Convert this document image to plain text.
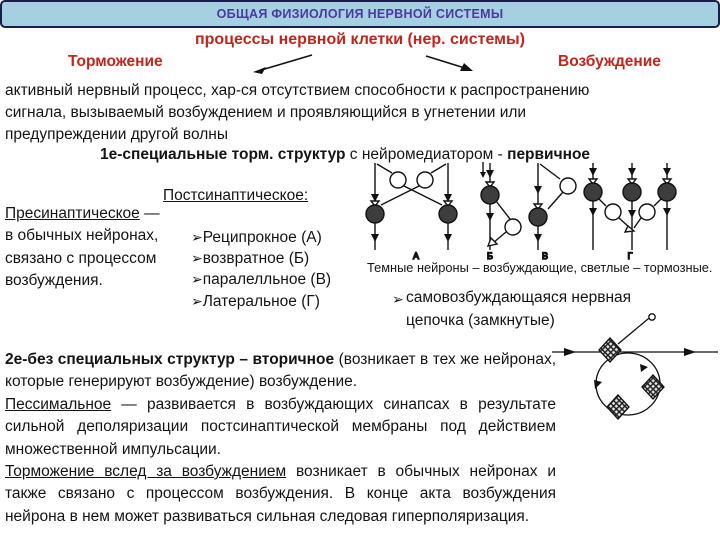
ОБЩАЯ ФИЗИОЛОГИЯ НЕРВНОЙ СИСТЕМЫ
процессы нервной клетки (нер. системы)
Торможение	Возбуждение
активный нервный процесс, хар-ся отсутствием способности к распространению сигнала, вызываемый возбуждением и проявляющийся в угнетении или предупреждении другой волны
1е-специальные торм. структур с нейромедиатором - первичное
Пресинаптическое — в обычных нейронах, связано с процессом возбуждения.
Постсинаптическое:
➢Реципрокное (А)
➢возвратное (Б)
➢паралелльное (В)
➢Латеральное (Г)
А	Б	В	Г
Темные нейроны – возбуждающие, светлые – тормозные.
➢ самовозбуждающаяся нервная цепочка (замкнутые)

2е-без специальных структур – вторичное (возникает в тех же нейронах, которые генерируют возбуждение) возбуждение.

Пессимальное — развивается в возбуждающих синапсах в результате сильной деполяризации постсинаптической мембраны под действием множественной импульсации.

Торможение вслед за возбуждением возникает в обычных нейронах и также связано с процессом возбуждения. В конце акта возбуждения нейрона в нем может развиваться сильная следовая гиперполяризация.
